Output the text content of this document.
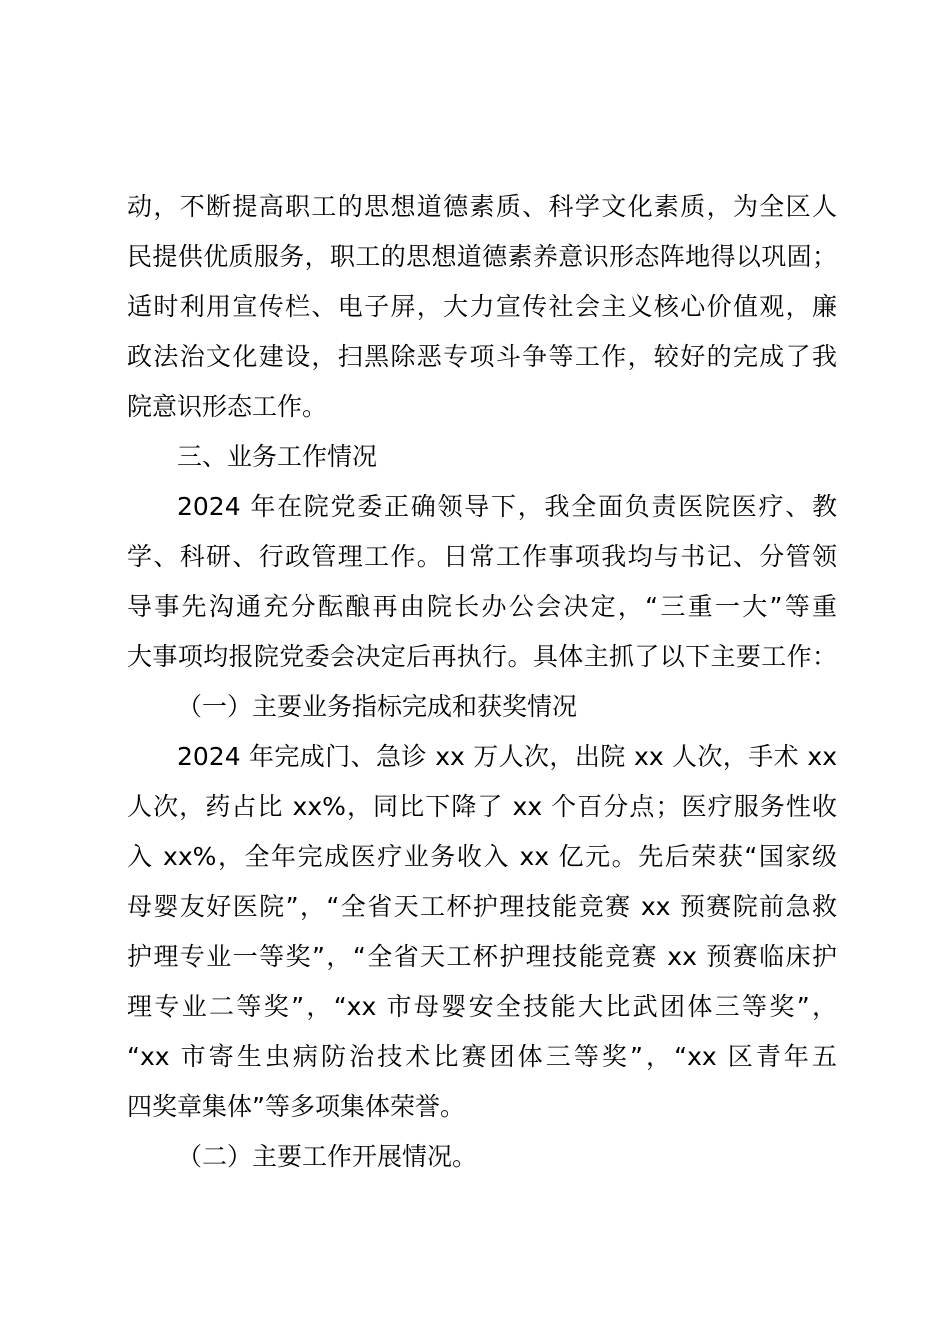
动，不断提高职工的思想道德素质、科学文化素质，为全区人
民提供优质服务，职工的思想道德素养意识形态阵地得以巩固；
适时利用宣传栏、电子屏，大力宣传社会主义核心价值观，廉
政法治文化建设，扫黑除恶专项斗争等工作，较好的完成了我
院意识形态工作。
三、业务工作情况
2024 年在院党委正确领导下，我全面负责医院医疗、教
学、科研、行政管理工作。日常工作事项我均与书记、分管领
导事先沟通充分酝酿再由院长办公会决定，“三重一大”等重
大事项均报院党委会决定后再执行。具体主抓了以下主要工作：
（一）主要业务指标完成和获奖情况
2024 年完成门、急诊 xx 万人次，出院 xx 人次，手术 xx
人次，药占比 xx%，同比下降了 xx 个百分点；医疗服务性收
入 xx%，全年完成医疗业务收入 xx 亿元。先后荣获“国家级
母婴友好医院”，“全省天工杯护理技能竞赛 xx 预赛院前急救
护理专业一等奖”，“全省天工杯护理技能竞赛 xx 预赛临床护
理专业二等奖”，“xx 市母婴安全技能大比武团体三等奖”，
“xx 市寄生虫病防治技术比赛团体三等奖”，“xx 区青年五
四奖章集体”等多项集体荣誉。
（二）主要工作开展情况。
